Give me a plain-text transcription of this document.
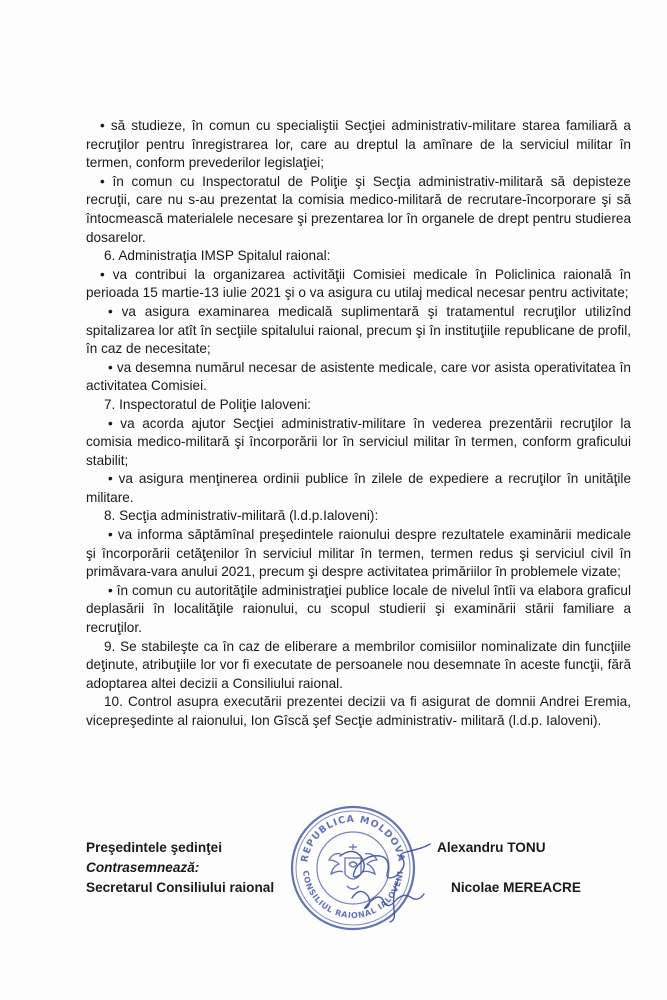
• să studieze, în comun cu specialiştii Secţiei administrativ-militare starea familiară a recruţilor pentru înregistrarea lor, care au dreptul la amînare de la serviciul militar în termen, conform prevederilor legislaţiei;

• în comun cu Inspectoratul de Poliţie şi Secţia administrativ-militară să depisteze recruţii, care nu s-au prezentat la comisia medico-militară de recrutare-încorporare şi să întocmească materialele necesare şi prezentarea lor în organele de drept pentru studierea dosarelor.

6. Administraţia IMSP Spitalul raional:

• va contribui la organizarea activităţii Comisiei medicale în Policlinica raională în perioada 15 martie-13 iulie 2021 şi o va asigura cu utilaj medical necesar pentru activitate;

• va asigura examinarea medicală suplimentară şi tratamentul recruţilor utilizînd spitalizarea lor atît în secţiile spitalului raional, precum şi în instituţiile republicane de profil, în caz de necesitate;

• va desemna numărul necesar de asistente medicale, care vor asista operativitatea în activitatea Comisiei.

7. Inspectoratul de Poliţie Ialoveni:

• va acorda ajutor Secţiei administrativ-militare în vederea prezentării recruţilor la comisia medico-militară şi încorporării lor în serviciul militar în termen, conform graficului stabilit;

• va asigura menţinerea ordinii publice în zilele de expediere a recruţilor în unităţile militare.

8. Secţia administrativ-militară (l.d.p.Ialoveni):

• va informa săptămînal preşedintele raionului despre rezultatele examinării medicale şi încorporării cetăţenilor în serviciul militar în termen, termen redus şi serviciul civil în primăvara-vara anului 2021, precum şi despre activitatea primăriilor în problemele vizate;

• în comun cu autorităţile administraţiei publice locale de nivelul întîi va elabora graficul deplasării în localităţile raionului, cu scopul studierii şi examinării stării familiare a recruţilor.

9. Se stabileşte ca în caz de eliberare a membrilor comisiilor nominalizate din funcţiile deţinute, atribuţiile lor vor fi executate de persoanele nou desemnate în aceste funcţii, fără adoptarea altei decizii a Consiliului raional.

10. Control asupra executării prezentei decizii va fi asigurat de domnii Andrei Eremia, vicepreşedinte al raionului, Ion Gîscă şef Secţie administrativ- militară (l.d.p. Ialoveni).

REPUBLICA MOLDOVA
CONSILIUL RAIONAL IALOVENI
Preşedintele şedinţei
Contrasemnează:
Secretarul Consiliului raional
Alexandru TONU
Nicolae MEREACRE
